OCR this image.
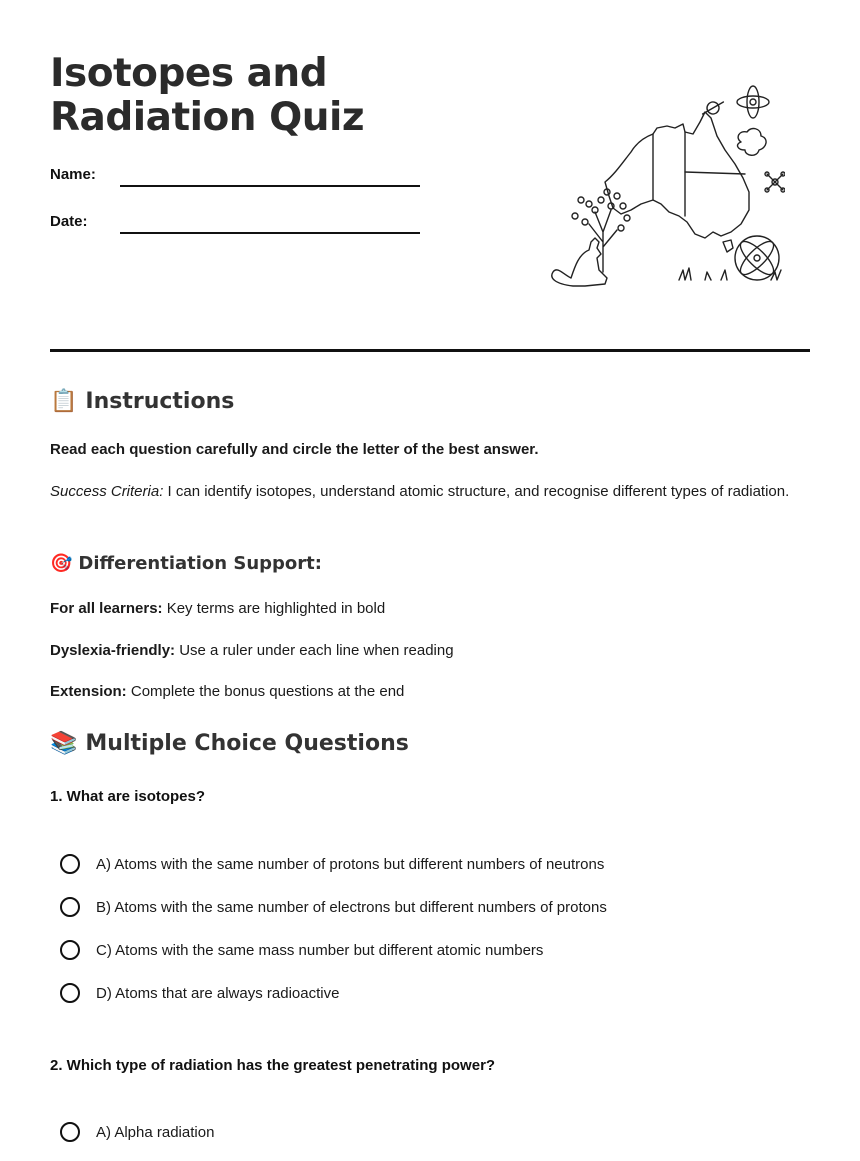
Isotopes and Radiation Quiz
Name:
Date:
📋 Instructions
Read each question carefully and circle the letter of the best answer.
Success Criteria: I can identify isotopes, understand atomic structure, and recognise different types of radiation.
🎯 Differentiation Support:
For all learners: Key terms are highlighted in bold
Dyslexia-friendly: Use a ruler under each line when reading
Extension: Complete the bonus questions at the end
📚 Multiple Choice Questions
1. What are isotopes?
A) Atoms with the same number of protons but different numbers of neutrons
B) Atoms with the same number of electrons but different numbers of protons
C) Atoms with the same mass number but different atomic numbers
D) Atoms that are always radioactive
2. Which type of radiation has the greatest penetrating power?
A) Alpha radiation
